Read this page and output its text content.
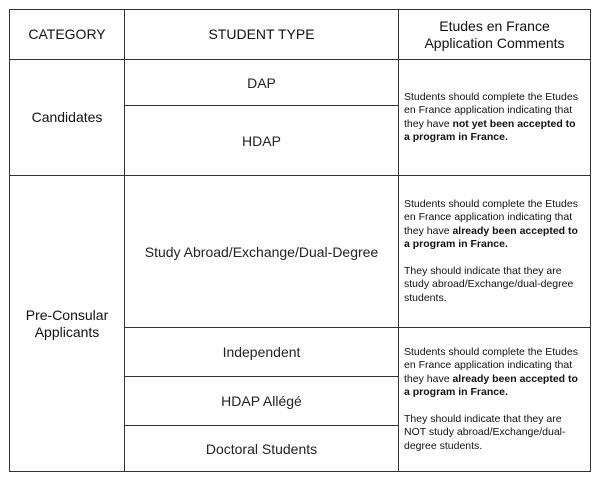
CATEGORY	STUDENT TYPE	Etudes en France Application Comments
Candidates	DAP	Students should complete the Etudes en France application indicating that they have not yet been accepted to a program in France.

	HDAP	
Pre-Consular Applicants	Study Abroad/Exchange/Dual-Degree	Students should complete the Etudes en France application indicating that they have already been accepted to a program in France.

They should indicate that they are study abroad/Exchange/dual-degree students.

	Independent	Students should complete the Etudes en France application indicating that they have already been accepted to a program in France.

They should indicate that they are NOT study abroad/Exchange/dual-degree students.

	HDAP Allégé	
	Doctoral Students	
